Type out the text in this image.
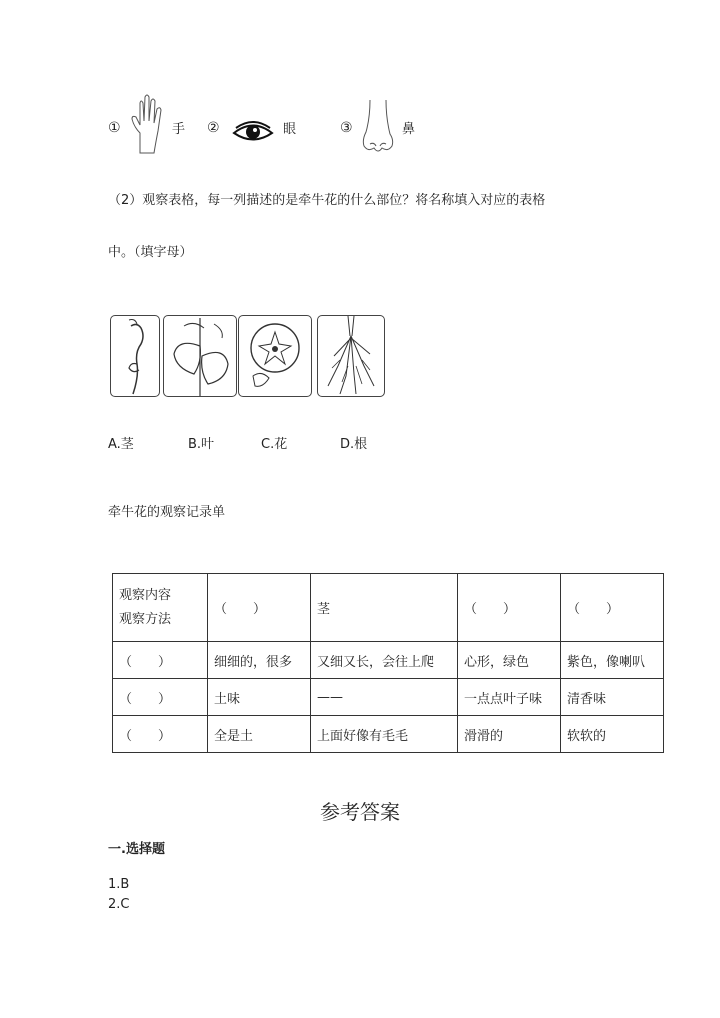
①	手 ②	眼	③	鼻
（2）观察表格，每一列描述的是牵牛花的什么部位？将名称填入对应的表格
中。（填字母）
A.茎	B.叶	C.花	D.根
牵牛花的观察记录单
观察内容
观察方法	（　　）	茎	（　　）	（　　）
（　　）	细细的，很多	又细又长，会往上爬	心形，绿色	紫色，像喇叭
（　　）	土味	——	一点点叶子味	清香味
（　　）	全是土	上面好像有毛毛	滑滑的	软软的
参考答案
一.选择题
1.B
2.C
